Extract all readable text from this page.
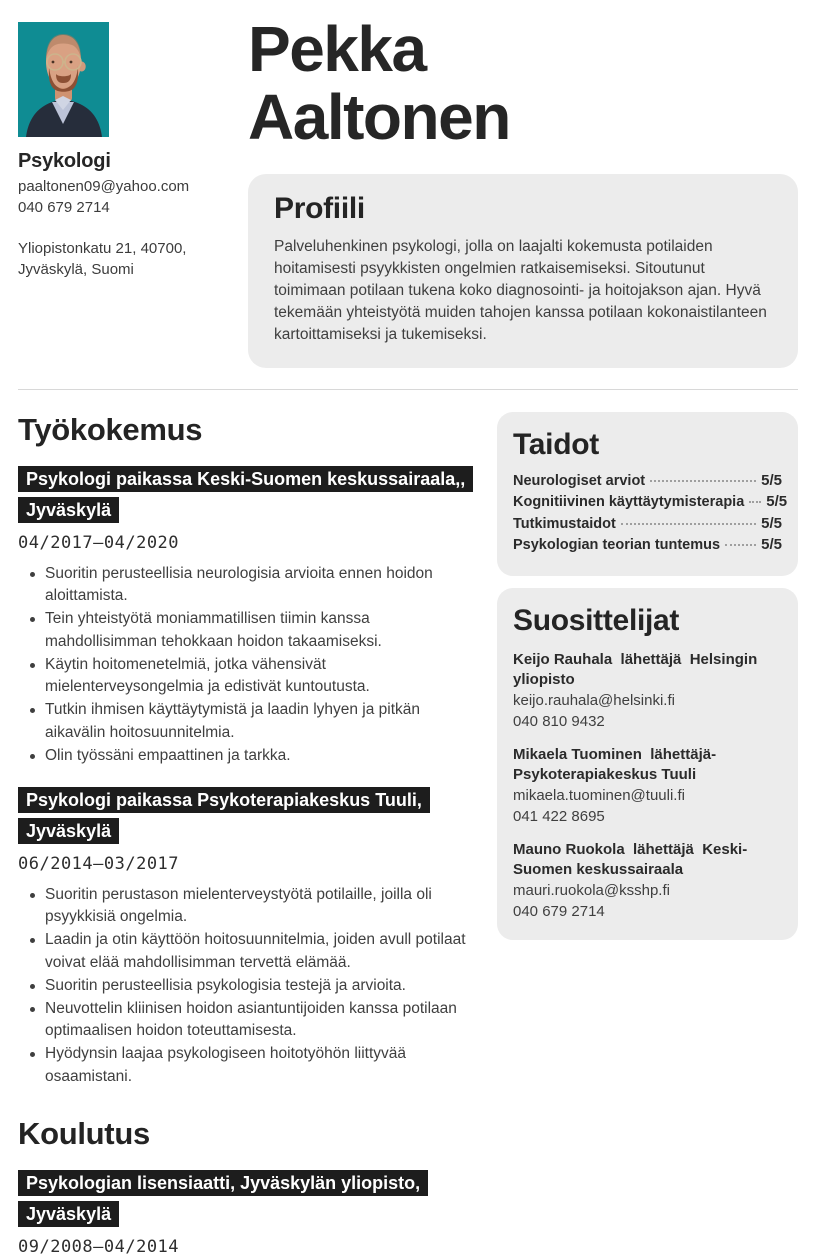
Psykologi
paaltonen09@yahoo.com
040 679 2714
Yliopistonkatu 21, 40700,
Jyväskylä, Suomi
Pekka Aaltonen
Profiili
Palveluhenkinen psykologi, jolla on laajalti kokemusta potilaiden hoitamisesti psyykkisten ongelmien ratkaisemiseksi. Sitoutunut toimimaan potilaan tukena koko diagnosointi- ja hoitojakson ajan. Hyvä tekemään yhteistyötä muiden tahojen kanssa potilaan kokonaistilanteen kartoittamiseksi ja tukemiseksi.
Työkokemus
Psykologi paikassa Keski-Suomen keskussairaala,, Jyväskylä
04/2017—04/2020
Suoritin perusteellisia neurologisia arvioita ennen hoidon aloittamista.
Tein yhteistyötä moniammatillisen tiimin kanssa mahdollisimman tehokkaan hoidon takaamiseksi.
Käytin hoitomenetelmiä, jotka vähensivät mielenterveysongelmia ja edistivät kuntoutusta.
Tutkin ihmisen käyttäytymistä ja laadin lyhyen ja pitkän aikavälin hoitosuunnitelmia.
Olin työssäni empaattinen ja tarkka.
Psykologi paikassa Psykoterapiakeskus Tuuli, Jyväskylä
06/2014—03/2017
Suoritin perustason mielenterveystyötä potilaille, joilla oli psyykkisiä ongelmia.
Laadin ja otin käyttöön hoitosuunnitelmia, joiden avull potilaat voivat elää mahdollisimman tervettä elämää.
Suoritin perusteellisia psykologisia testejä ja arvioita.
Neuvottelin kliinisen hoidon asiantuntijoiden kanssa potilaan optimaalisen hoidon toteuttamisesta.
Hyödynsin laajaa psykologiseen hoitotyöhön liittyvää osaamistani.
Koulutus
Psykologian lisensiaatti, Jyväskylän yliopisto, Jyväskylä
09/2008—04/2014
Taidot
Neurologiset arviot	5/5
Kognitiivinen käyttäytymisterapia 5/5
Tutkimustaidot	5/5
Psykologian teorian tuntemus	5/5
Suosittelijat
Keijo Rauhala  lähettäjä  Helsingin yliopisto
keijo.rauhala@helsinki.fi
040 810 9432
Mikaela Tuominen  lähettäjä-Psykoterapiakeskus Tuuli
mikaela.tuominen@tuuli.fi
041 422 8695
Mauno Ruokola  lähettäjä  Keski-Suomen keskussairaala
mauri.ruokola@ksshp.fi
040 679 2714
